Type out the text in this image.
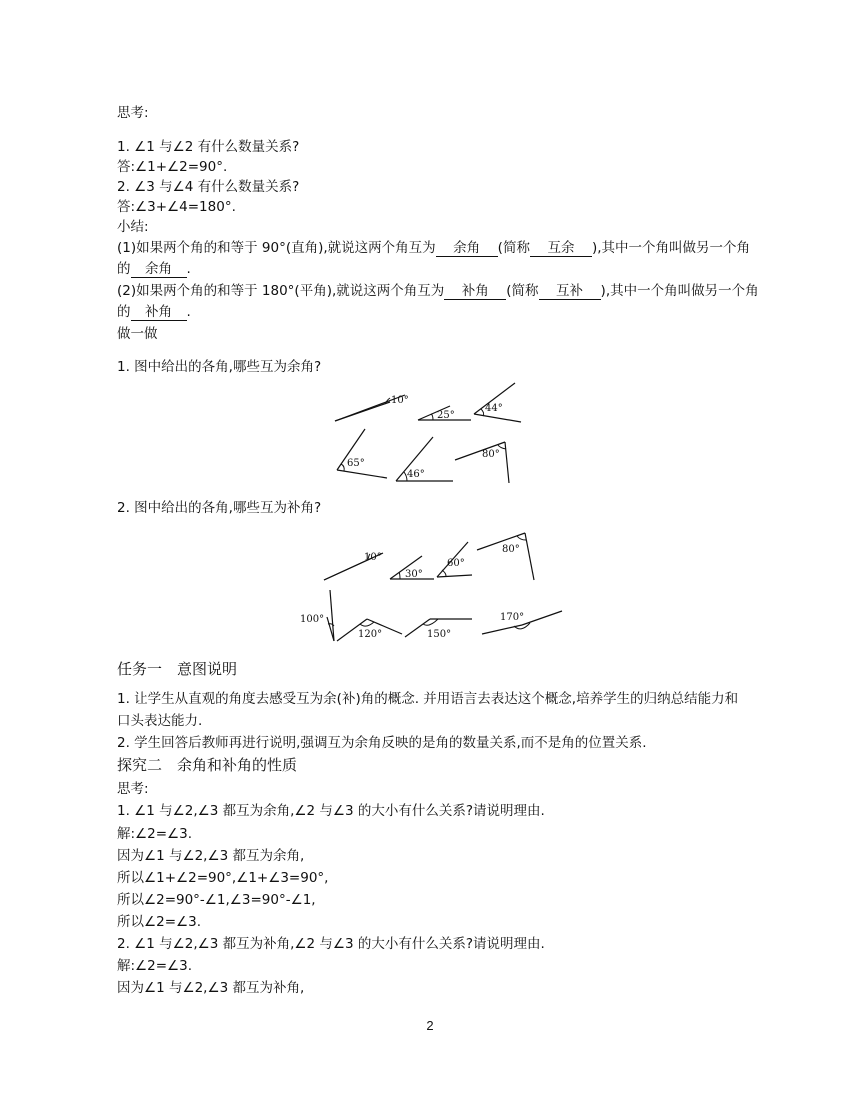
思考:
1. ∠1 与∠2 有什么数量关系?
答:∠1+∠2=90°.
2. ∠3 与∠4 有什么数量关系?
答:∠3+∠4=180°.
小结:
(1)如果两个角的和等于 90°(直角),就说这两个角互为 余角 (简称 互余 ),其中一个角叫做另一个角
的 余角 .
(2)如果两个角的和等于 180°(平角),就说这两个角互为 补角 (简称 互补 ),其中一个角叫做另一个角
的 补角 .
做一做
1. 图中给出的各角,哪些互为余角?
10°
25°
44°
65°
46°
80°
2. 图中给出的各角,哪些互为补角?
10°
30°
60°
80°
100°
120°	150°
170°
任务一　意图说明
1. 让学生从直观的角度去感受互为余(补)角的概念. 并用语言去表达这个概念,培养学生的归纳总结能力和
口头表达能力.
2. 学生回答后教师再进行说明,强调互为余角反映的是角的数量关系,而不是角的位置关系.
探究二　余角和补角的性质
思考:
1. ∠1 与∠2,∠3 都互为余角,∠2 与∠3 的大小有什么关系?请说明理由.
解:∠2=∠3.
因为∠1 与∠2,∠3 都互为余角,
所以∠1+∠2=90°,∠1+∠3=90°,
所以∠2=90°-∠1,∠3=90°-∠1,
所以∠2=∠3.
2. ∠1 与∠2,∠3 都互为补角,∠2 与∠3 的大小有什么关系?请说明理由.
解:∠2=∠3.
因为∠1 与∠2,∠3 都互为补角,
2
